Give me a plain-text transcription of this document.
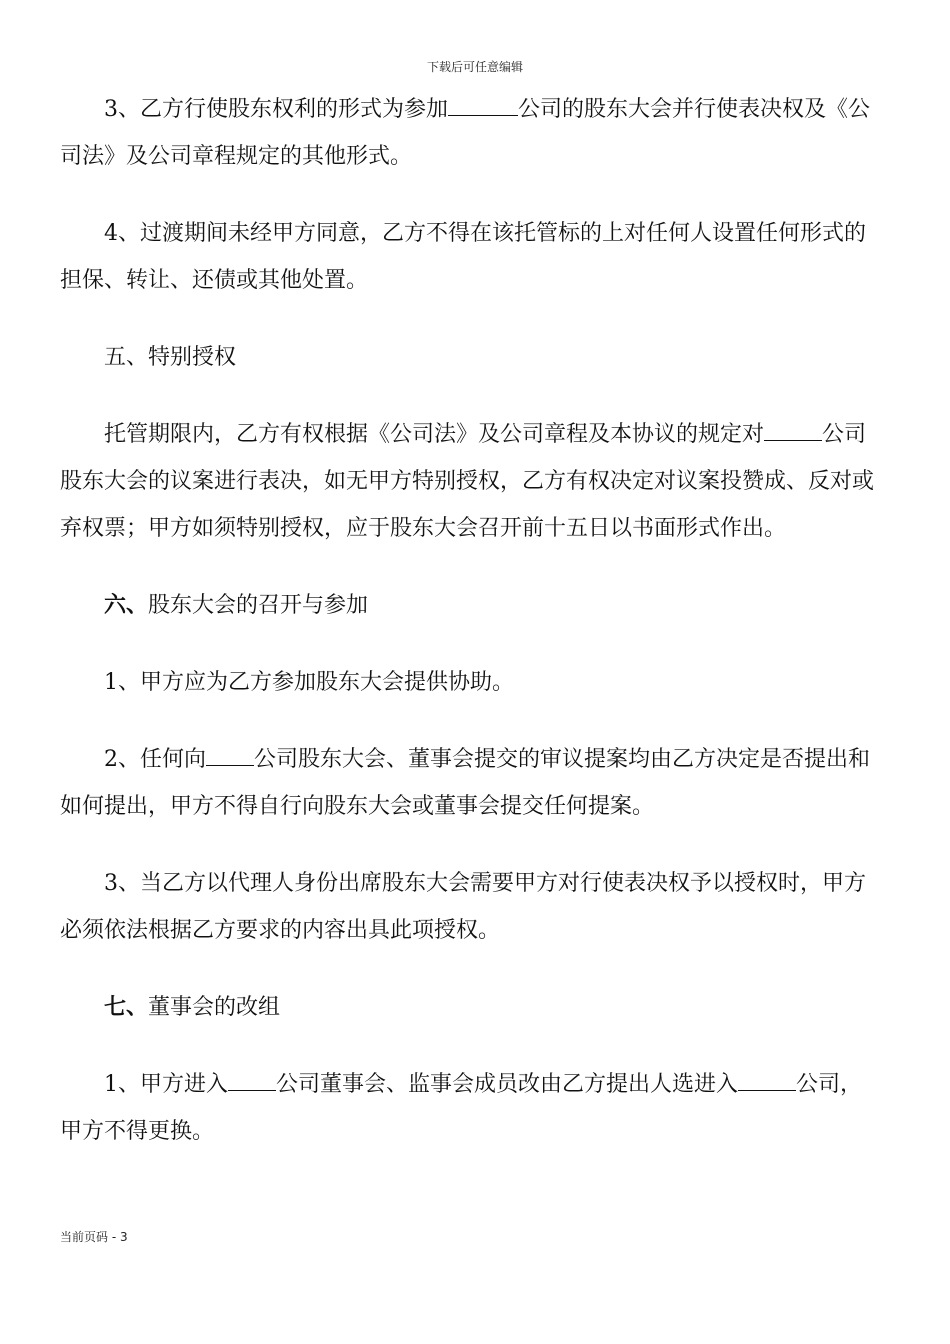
下载后可任意编辑

3、乙方行使股东权利的形式为参加	公司的股东大会并行使表决权及《公司法》及公司章程规定的其他形式。

4、过渡期间未经甲方同意，乙方不得在该托管标的上对任何人设置任何形式的担保、转让、还债或其他处置。

五、特别授权

托管期限内，乙方有权根据《公司法》及公司章程及本协议的规定对	公司股东大会的议案进行表决，如无甲方特别授权，乙方有权决定对议案投赞成、反对或弃权票；甲方如须特别授权，应于股东大会召开前十五日以书面形式作出。

六、股东大会的召开与参加

1、甲方应为乙方参加股东大会提供协助。

2、任何向 公司股东大会、董事会提交的审议提案均由乙方决定是否提出和如何提出，甲方不得自行向股东大会或董事会提交任何提案。

3、当乙方以代理人身份出席股东大会需要甲方对行使表决权予以授权时，甲方必须依法根据乙方要求的内容出具此项授权。

七、董事会的改组

1、甲方进入 公司董事会、监事会成员改由乙方提出人选进入	公司，甲方不得更换。

当前页码 - 3
